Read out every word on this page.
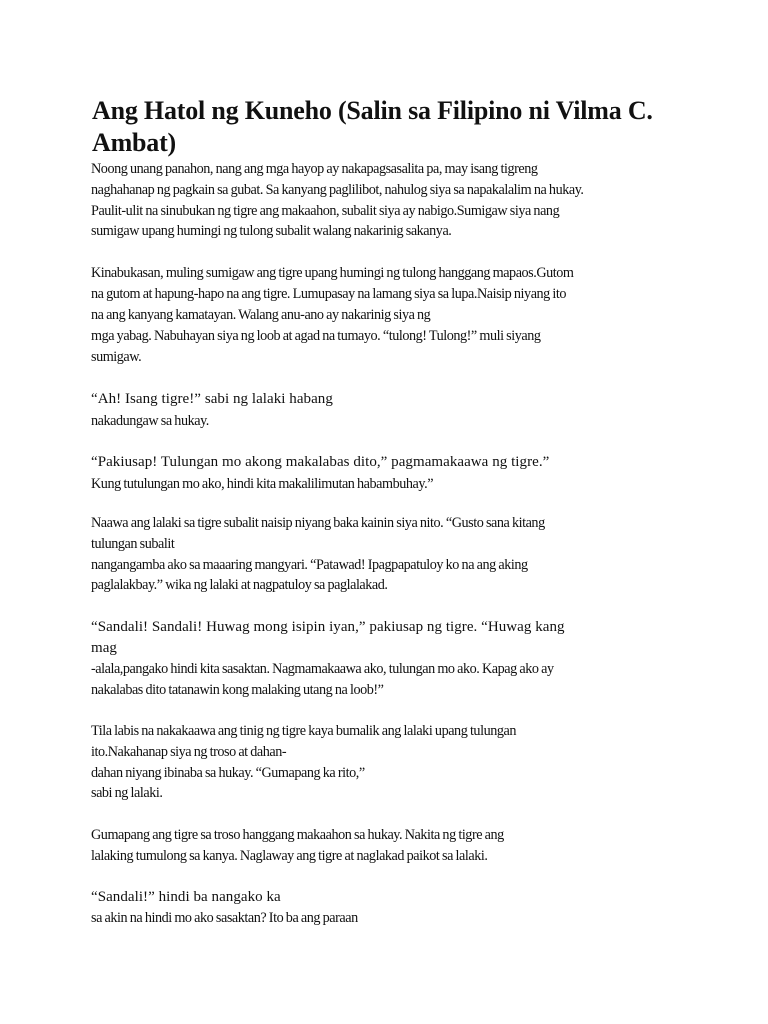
Ang Hatol ng Kuneho (Salin sa Filipino ni Vilma C.
Ambat)
Noong unang panahon, nang ang mga hayop ay nakapagsasalita pa, may isang tigreng
naghahanap ng pagkain sa gubat. Sa kanyang paglilibot, nahulog siya sa napakalalim na hukay.
Paulit-ulit na sinubukan ng tigre ang makaahon, subalit siya ay nabigo.Sumigaw siya nang
sumigaw upang humingi ng tulong subalit walang nakarinig sakanya.
Kinabukasan, muling sumigaw ang tigre upang humingi ng tulong hanggang mapaos.Gutom
na gutom at hapung-hapo na ang tigre. Lumupasay na lamang siya sa lupa.Naisip niyang ito
na ang kanyang kamatayan. Walang anu-ano ay nakarinig siya ng
mga yabag. Nabuhayan siya ng loob at agad na tumayo. “tulong! Tulong!” muli siyang
sumigaw.
“Ah! Isang tigre!” sabi ng lalaki habang
nakadungaw sa hukay.
“Pakiusap! Tulungan mo akong makalabas dito,” pagmamakaawa ng tigre.”
Kung tutulungan mo ako, hindi kita makalilimutan habambuhay.”
Naawa ang lalaki sa tigre subalit naisip niyang baka kainin siya nito. “Gusto sana kitang
tulungan subalit
nangangamba ako sa maaaring mangyari. “Patawad! Ipagpapatuloy ko na ang aking
paglalakbay.” wika ng lalaki at nagpatuloy sa paglalakad.
“Sandali! Sandali! Huwag mong isipin iyan,” pakiusap ng tigre. “Huwag kang
mag
-alala,pangako hindi kita sasaktan. Nagmamakaawa ako, tulungan mo ako. Kapag ako ay
nakalabas dito tatanawin kong malaking utang na loob!”
Tila labis na nakakaawa ang tinig ng tigre kaya bumalik ang lalaki upang tulungan
ito.Nakahanap siya ng troso at dahan-
dahan niyang ibinaba sa hukay. “Gumapang ka rito,”
sabi ng lalaki.
Gumapang ang tigre sa troso hanggang makaahon sa hukay. Nakita ng tigre ang
lalaking tumulong sa kanya. Naglaway ang tigre at naglakad paikot sa lalaki.
“Sandali!” hindi ba nangako ka
sa akin na hindi mo ako sasaktan? Ito ba ang paraan
